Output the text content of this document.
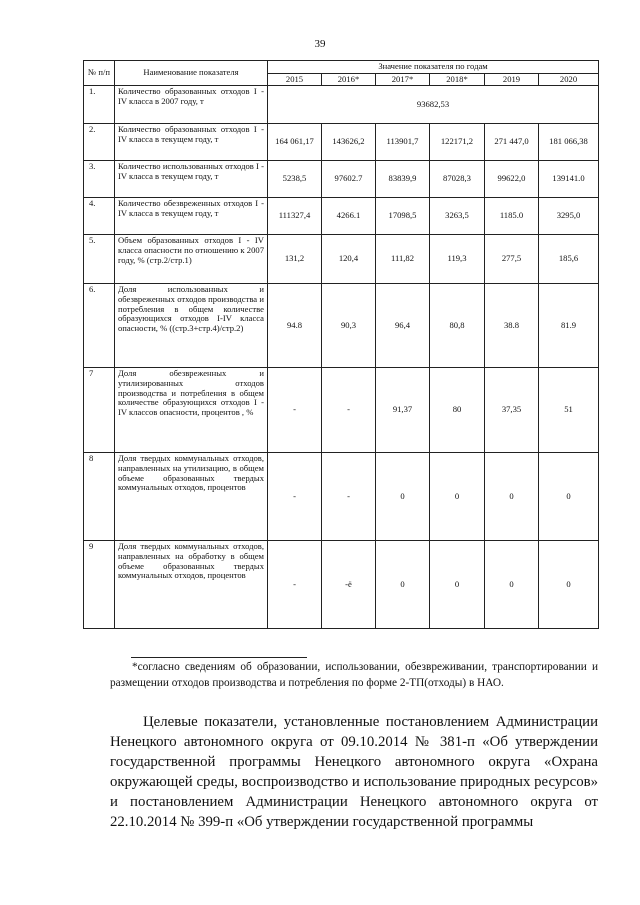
39
№ п/п	Наименование показателя	Значение показателя по годам					
		2015	2016*	2017*	2018*	2019	2020
1.	Количество образованных отходов I - IV класса в 2007 году, т	93682,53					
2.	Количество образованных отходов I - IV класса в текущем году, т	164 061,17	143626,2	113901,7	122171,2	271 447,0	181 066,38
3.	Количество использованных отходов I - IV класса в текущем году, т	5238,5	97602.7	83839,9	87028,3	99622,0	139141.0
4.	Количество обезвреженных отходов I - IV класса в текущем году, т	111327,4	4266.1	17098,5	3263,5	1185.0	3295,0
5.	Объем образованных отходов I - IV класса опасности по отношению к 2007 году, % (стр.2/стр.1)	131,2	120,4	111,82	119,3	277,5	185,6
6.	Доля использованных и обезвреженных отходов производства и потребления в общем количестве образующихся отходов I-IV класса опасности, % ((стр.3+стр.4)/стр.2)	94.8	90,3	96,4	80,8	38.8	81.9
7	Доля обезвреженных и утилизированных отходов производства и потребления в общем количестве образующихся отходов I - IV классов опасности, процентов , %	-	-	91,37	80	37,35	51
8	Доля твердых коммунальных отходов, направленных на утилизацию, в общем объеме образованных твердых коммунальных отходов, процентов	-	-	0	0	0	0
9	Доля твердых коммунальных отходов, направленных на обработку в общем объеме образованных твердых коммунальных отходов, процентов	-	-ё	0	0	0	0
*согласно сведениям об образовании, использовании, обезвреживании, транспортировании и размещении отходов производства и потребления по форме 2-ТП(отходы) в НАО.
Целевые показатели, установленные постановлением Администрации Ненецкого автономного округа от 09.10.2014 № 381-п «Об утверждении государственной программы Ненецкого автономного округа «Охрана окружающей среды, воспроизводство и использование природных ресурсов» и постановлением Администрации Ненецкого автономного округа от 22.10.2014 № 399-п «Об утверждении государственной программы
